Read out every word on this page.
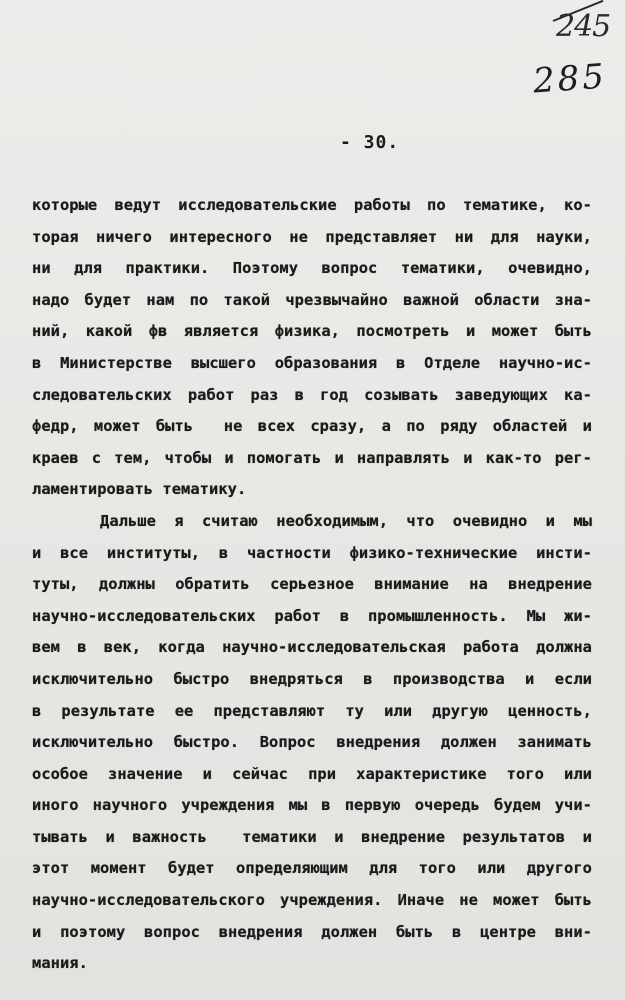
245
285
- 30.
которые ведут исследовательские работы по тематике, ко-
торая ничего интересного не представляет ни для науки,
ни для практики. Поэтому вопрос тематики, очевидно,
надо будет нам по такой чрезвычайно важной области зна-
ний, какой фв является физика, посмотреть и может быть
в Министерстве высшего образования в Отделе научно-ис-
следовательских работ раз в год созывать заведующих ка-
федр, может быть  не всех сразу, а по ряду областей и
краев с тем, чтобы и помогать и направлять и как-то рег-
ламентировать тематику.
Дальше я считаю необходимым, что очевидно и мы
и все институты, в частности физико-технические инсти-
туты, должны обратить серьезное внимание на внедрение
научно-исследовательских работ в промышленность. Мы жи-
вем в век, когда научно-исследовательская работа должна
исключительно быстро внедряться в производства и если
в результате ее представляют ту или другую ценность,
исключительно быстро. Вопрос внедрения должен занимать
особое значение и сейчас при характеристике того или
иного научного учреждения мы в первую очередь будем учи-
тывать и важность  тематики и внедрение результатов и
этот момент будет определяющим для того или другого
научно-исследовательского учреждения. Иначе не может быть
и поэтому вопрос внедрения должен быть в центре вни-
мания.
